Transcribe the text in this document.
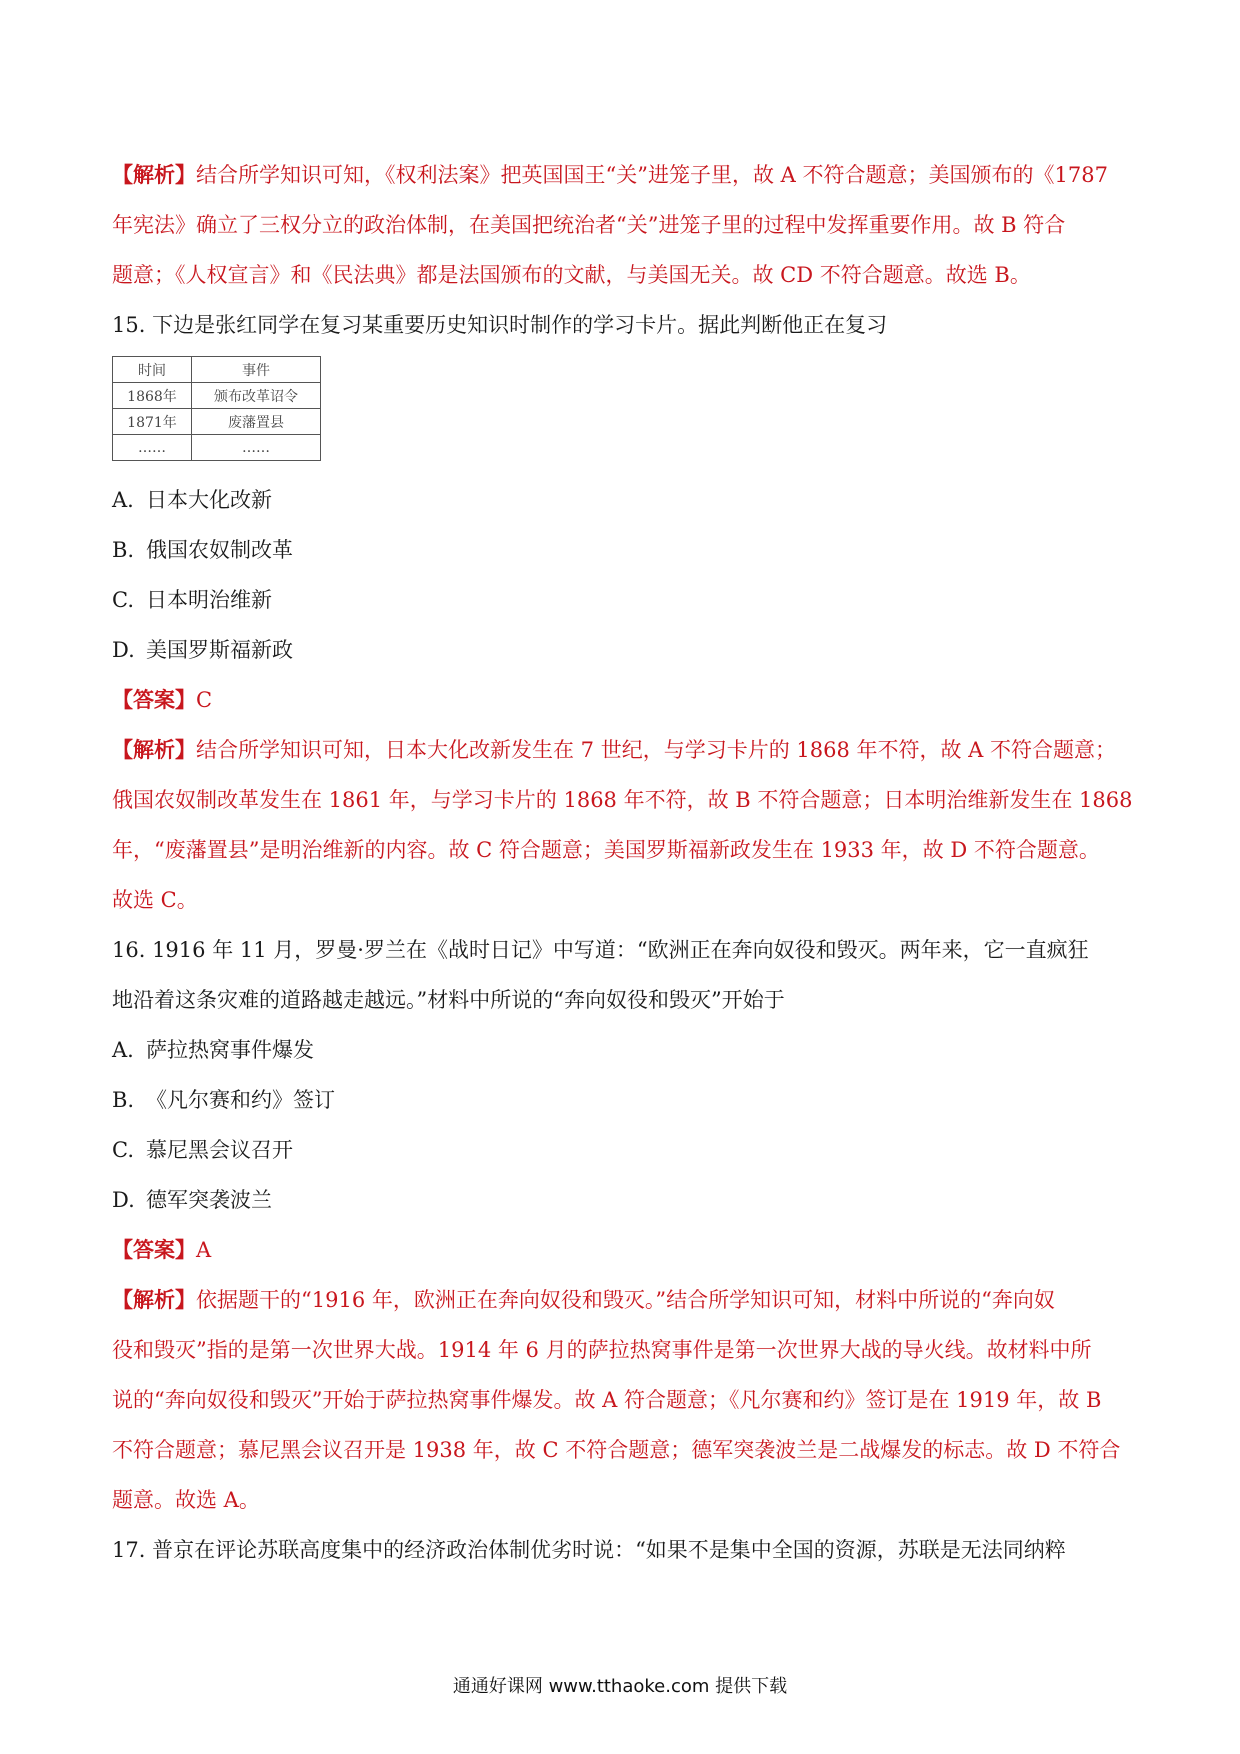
【解析】结合所学知识可知，《权利法案》把英国国王“关”进笼子里，故 A 不符合题意；美国颁布的《1787
年宪法》确立了三权分立的政治体制，在美国把统治者“关”进笼子里的过程中发挥重要作用。故 B 符合
题意；《人权宣言》和《民法典》都是法国颁布的文献，与美国无关。故 CD 不符合题意。故选 B。
15. 下边是张红同学在复习某重要历史知识时制作的学习卡片。据此判断他正在复习
时间	事件
1868年	颁布改革诏令
1871年	废藩置县
……	……
A. 日本大化改新
B. 俄国农奴制改革
C. 日本明治维新
D. 美国罗斯福新政
【答案】C
【解析】结合所学知识可知，日本大化改新发生在 7 世纪，与学习卡片的 1868 年不符，故 A 不符合题意；
俄国农奴制改革发生在 1861 年，与学习卡片的 1868 年不符，故 B 不符合题意；日本明治维新发生在 1868
年，“废藩置县”是明治维新的内容。故 C 符合题意；美国罗斯福新政发生在 1933 年，故 D 不符合题意。
故选 C。
16. 1916 年 11 月，罗曼·罗兰在《战时日记》中写道：“欧洲正在奔向奴役和毁灭。两年来，它一直疯狂
地沿着这条灾难的道路越走越远。”材料中所说的“奔向奴役和毁灭”开始于
A. 萨拉热窝事件爆发
B. 《凡尔赛和约》签订
C. 慕尼黑会议召开
D. 德军突袭波兰
【答案】A
【解析】依据题干的“1916 年，欧洲正在奔向奴役和毁灭。”结合所学知识可知，材料中所说的“奔向奴
役和毁灭”指的是第一次世界大战。1914 年 6 月的萨拉热窝事件是第一次世界大战的导火线。故材料中所
说的“奔向奴役和毁灭”开始于萨拉热窝事件爆发。故 A 符合题意；《凡尔赛和约》签订是在 1919 年，故 B
不符合题意；慕尼黑会议召开是 1938 年，故 C 不符合题意；德军突袭波兰是二战爆发的标志。故 D 不符合
题意。故选 A。
17. 普京在评论苏联高度集中的经济政治体制优劣时说：“如果不是集中全国的资源，苏联是无法同纳粹
通通好课网 www.tthaoke.com 提供下载
